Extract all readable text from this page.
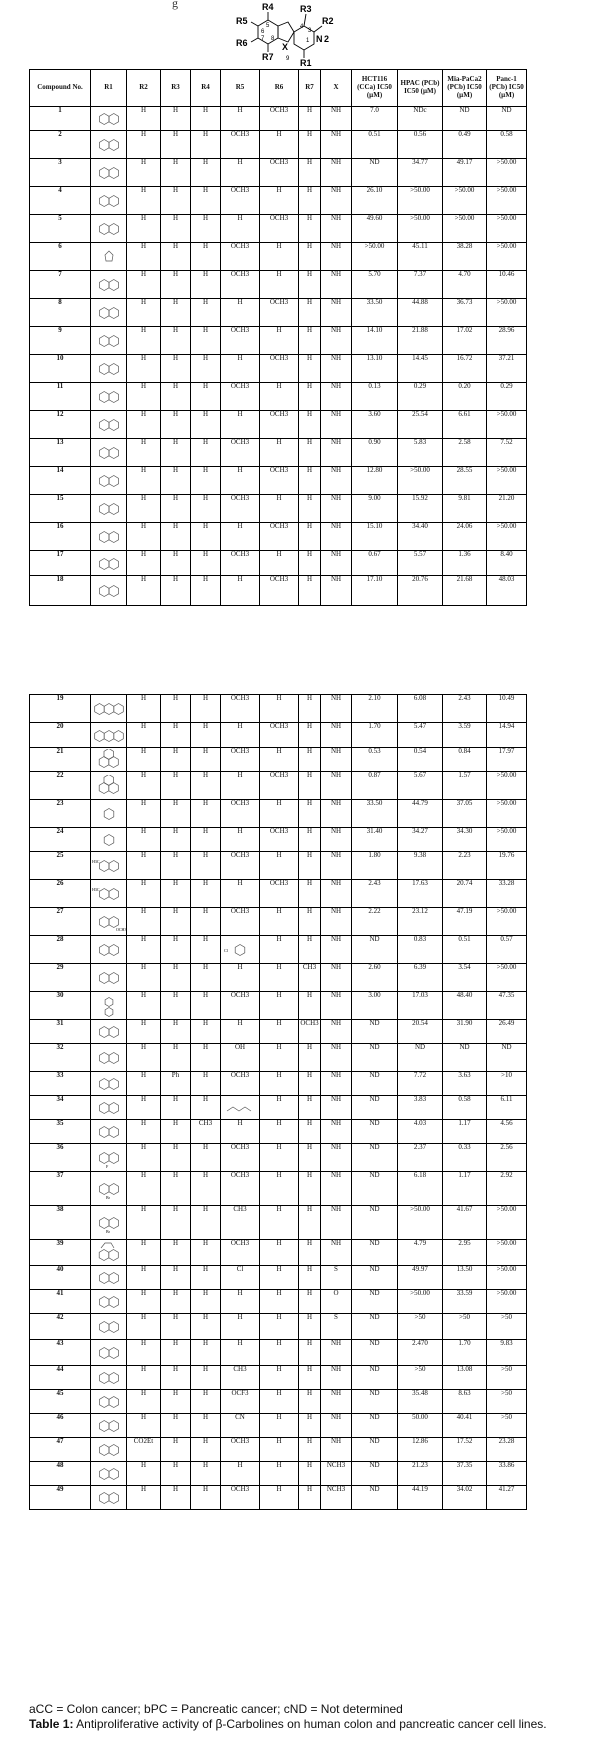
g	R4	R3
R2
R5
R6
R7
X
R1
N 2
1
3
4
5
6
7 8
9
Compound No.	R1	R2	R3	R4	R5	R6	R7	X	HCT116 (CCa) IC50 (µM)	HPAC (PCb) IC50 (µM)	Mia-PaCa2 (PCb) IC50 (µM)	Panc-1 (PCb) IC50 (µM)
1		H	H	H	H	OCH3	H	NH	7.0	NDc	ND	ND
2		H	H	H	OCH3	H	H	NH	0.51	0.56	0.49	0.58
3		H	H	H	H	OCH3	H	NH	ND	34.77	49.17	>50.00
4		H	H	H	OCH3	H	H	NH	26.10	>50.00	>50.00	>50.00
5		H	H	H	H	OCH3	H	NH	49.60	>50.00	>50.00	>50.00
6		H	H	H	OCH3	H	H	NH	>50.00	45.11	38.28	>50.00
7		H	H	H	OCH3	H	H	NH	5.70	7.37	4.70	10.46
8		H	H	H	H	OCH3	H	NH	33.50	44.88	36.73	>50.00
9		H	H	H	OCH3	H	H	NH	14.10	21.88	17.02	28.96
10		H	H	H	H	OCH3	H	NH	13.10	14.45	16.72	37.21
11		H	H	H	OCH3	H	H	NH	0.13	0.29	0.20	0.29
12		H	H	H	H	OCH3	H	NH	3.60	25.54	6.61	>50.00
13		H	H	H	OCH3	H	H	NH	0.90	5.83	2.58	7.52
14		H	H	H	H	OCH3	H	NH	12.80	>50.00	28.55	>50.00
15		H	H	H	OCH3	H	H	NH	9.00	15.92	9.81	21.20
16		H	H	H	H	OCH3	H	NH	15.10	34.40	24.06	>50.00
17		H	H	H	OCH3	H	H	NH	0.67	5.57	1.36	8.40
18		H	H	H	H	OCH3	H	NH	17.10	20.76	21.68	48.03
19		H	H	H	OCH3	H	H	NH	2.10	6.08	2.43	10.49
20		H	H	H	H	OCH3	H	NH	1.70	5.47	3.59	14.94
21		H	H	H	OCH3	H	H	NH	0.53	0.54	0.84	17.97
22		H	H	H	H	OCH3	H	NH	0.87	5.67	1.57	>50.00
23		H	H	H	OCH3	H	H	NH	33.50	44.79	37.05	>50.00
24		H	H	H	H	OCH3	H	NH	31.40	34.27	34.30	>50.00
25	H3C	H	H	H	OCH3	H	H	NH	1.80	9.38	2.23	19.76
26	H3C	H	H	H	H	OCH3	H	NH	2.43	17.63	20.74	33.28
27	OCH3	H	H	H	OCH3	H	H	NH	2.22	23.12	47.19	>50.00
28		H	H	H	Cl	H	H	NH	ND	0.83	0.51	0.57
29		H	H	H	H	H	CH3	NH	2.60	6.39	3.54	>50.00
30		H	H	H	OCH3	H	H	NH	3.00	17.03	48.40	47.35
31		H	H	H	H	H	OCH3	NH	ND	20.54	31.90	26.49
32		H	H	H	OH	H	H	NH	ND	ND	ND	ND
33		H	Ph	H	OCH3	H	H	NH	ND	7.72	3.63	>10
34		H	H	H		H	H	NH	ND	3.83	0.58	6.11
35		H	H	CH3	H	H	H	NH	ND	4.03	1.17	4.56
36	F	H	H	H	OCH3	H	H	NH	ND	2.37	0.33	2.56
37	Br	H	H	H	OCH3	H	H	NH	ND	6.18	1.17	2.92
38	Br	H	H	H	CH3	H	H	NH	ND	>50.00	41.67	>50.00
39		H	H	H	OCH3	H	H	NH	ND	4.79	2.95	>50.00
40		H	H	H	Cl	H	H	S	ND	49.97	13.50	>50.00
41		H	H	H	H	H	H	O	ND	>50.00	33.59	>50.00
42		H	H	H	H	H	H	S	ND	>50	>50	>50
43		H	H	H	H	H	H	NH	ND	2.470	1.70	9.83
44		H	H	H	CH3	H	H	NH	ND	>50	13.08	>50
45		H	H	H	OCF3	H	H	NH	ND	35.48	8.63	>50
46		H	H	H	CN	H	H	NH	ND	50.00	40.41	>50
47		CO2Et	H	H	OCH3	H	H	NH	ND	12.86	17.52	23.28
48		H	H	H	H	H	H	NCH3	ND	21.23	37.35	33.86
49		H	H	H	OCH3	H	H	NCH3	ND	44.19	34.02	41.27
aCC = Colon cancer; bPC = Pancreatic cancer; cND = Not determined
Table 1: Antiproliferative activity of β-Carbolines on human colon and pancreatic cancer cell lines.
